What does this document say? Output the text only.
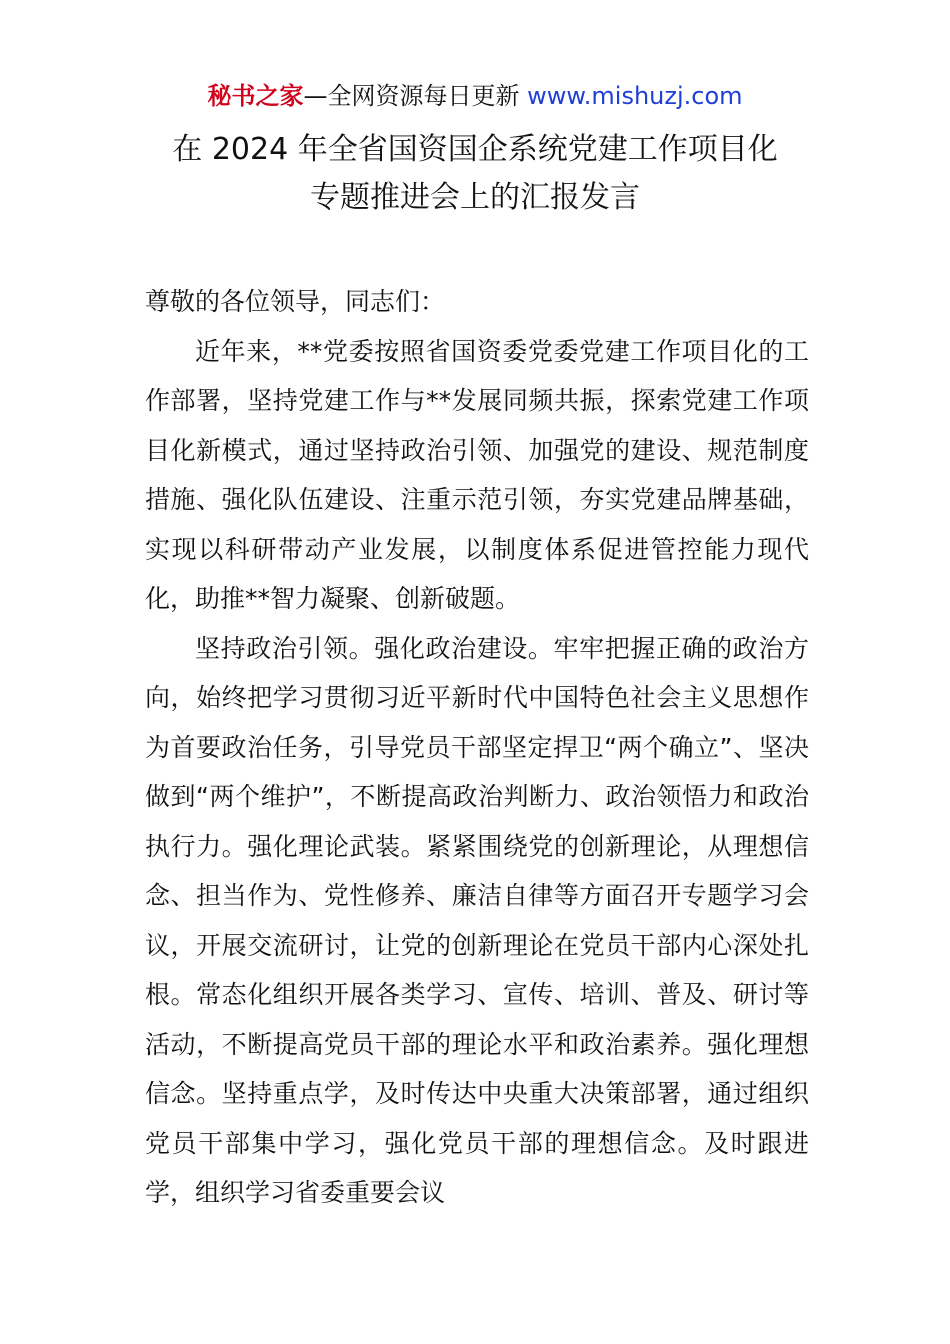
秘书之家—全网资源每日更新 www.mishuzj.com
在 2024 年全省国资国企系统党建工作项目化
专题推进会上的汇报发言

尊敬的各位领导，同志们：

近年来，**党委按照省国资委党委党建工作项目化的工作部署，坚持党建工作与**发展同频共振，探索党建工作项目化新模式，通过坚持政治引领、加强党的建设、规范制度措施、强化队伍建设、注重示范引领，夯实党建品牌基础，实现以科研带动产业发展，以制度体系促进管控能力现代化，助推**智力凝聚、创新破题。

坚持政治引领。强化政治建设。牢牢把握正确的政治方向，始终把学习贯彻习近平新时代中国特色社会主义思想作为首要政治任务，引导党员干部坚定捍卫“两个确立”、坚决做到“两个维护”，不断提高政治判断力、政治领悟力和政治执行力。强化理论武装。紧紧围绕党的创新理论，从理想信念、担当作为、党性修养、廉洁自律等方面召开专题学习会议，开展交流研讨，让党的创新理论在党员干部内心深处扎根。常态化组织开展各类学习、宣传、培训、普及、研讨等活动，不断提高党员干部的理论水平和政治素养。强化理想信念。坚持重点学，及时传达中央重大决策部署，通过组织党员干部集中学习，强化党员干部的理想信念。及时跟进学，组织学习省委重要会议
